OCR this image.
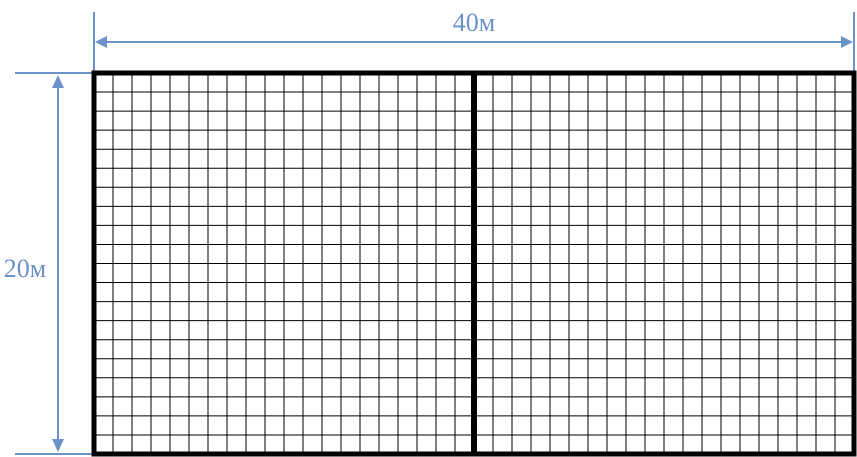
40м
20м
